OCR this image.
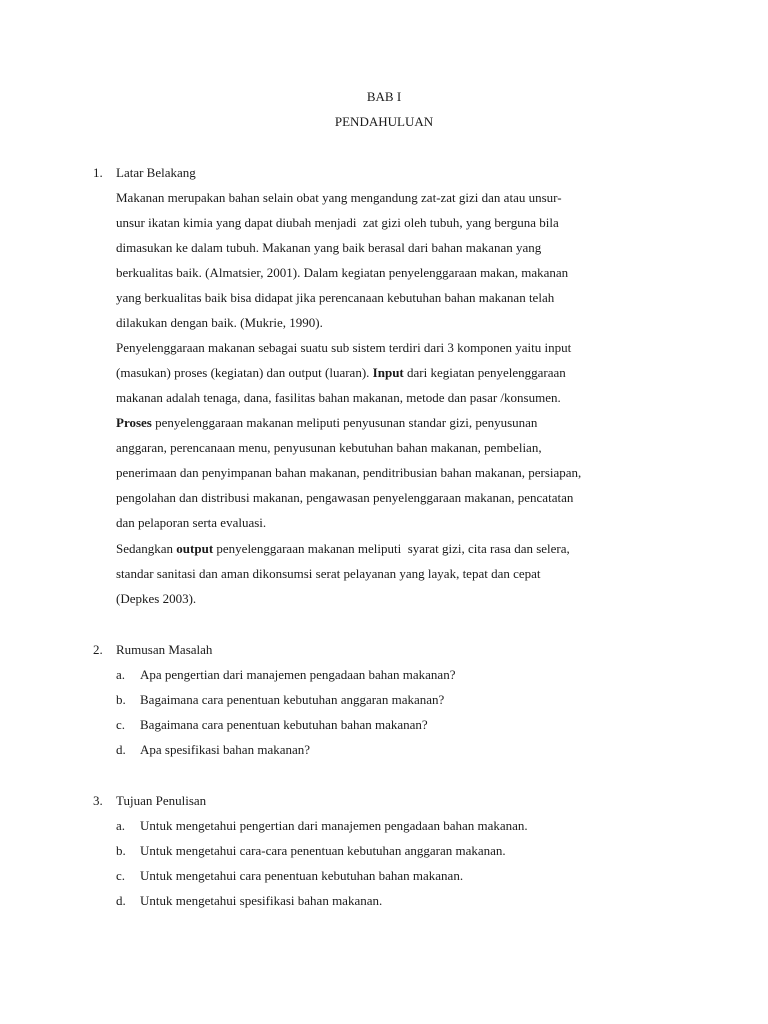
BAB I
PENDAHULUAN
1.	Latar Belakang
Makanan merupakan bahan selain obat yang mengandung zat-zat gizi dan atau unsur-
unsur ikatan kimia yang dapat diubah menjadi  zat gizi oleh tubuh, yang berguna bila
dimasukan ke dalam tubuh. Makanan yang baik berasal dari bahan makanan yang
berkualitas baik. (Almatsier, 2001). Dalam kegiatan penyelenggaraan makan, makanan
yang berkualitas baik bisa didapat jika perencanaan kebutuhan bahan makanan telah
dilakukan dengan baik. (Mukrie, 1990).
Penyelenggaraan makanan sebagai suatu sub sistem terdiri dari 3 komponen yaitu input
(masukan) proses (kegiatan) dan output (luaran). Input dari kegiatan penyelenggaraan
makanan adalah tenaga, dana, fasilitas bahan makanan, metode dan pasar /konsumen.
Proses penyelenggaraan makanan meliputi penyusunan standar gizi, penyusunan
anggaran, perencanaan menu, penyusunan kebutuhan bahan makanan, pembelian,
penerimaan dan penyimpanan bahan makanan, penditribusian bahan makanan, persiapan,
pengolahan dan distribusi makanan, pengawasan penyelenggaraan makanan, pencatatan
dan pelaporan serta evaluasi.
Sedangkan output penyelenggaraan makanan meliputi  syarat gizi, cita rasa dan selera,
standar sanitasi dan aman dikonsumsi serat pelayanan yang layak, tepat dan cepat
(Depkes 2003).
2.	Rumusan Masalah
a.	Apa pengertian dari manajemen pengadaan bahan makanan?
b.	Bagaimana cara penentuan kebutuhan anggaran makanan?
c.	Bagaimana cara penentuan kebutuhan bahan makanan?
d.	Apa spesifikasi bahan makanan?
3.	Tujuan Penulisan
a.	Untuk mengetahui pengertian dari manajemen pengadaan bahan makanan.
b.	Untuk mengetahui cara-cara penentuan kebutuhan anggaran makanan.
c.	Untuk mengetahui cara penentuan kebutuhan bahan makanan.
d.	Untuk mengetahui spesifikasi bahan makanan.
